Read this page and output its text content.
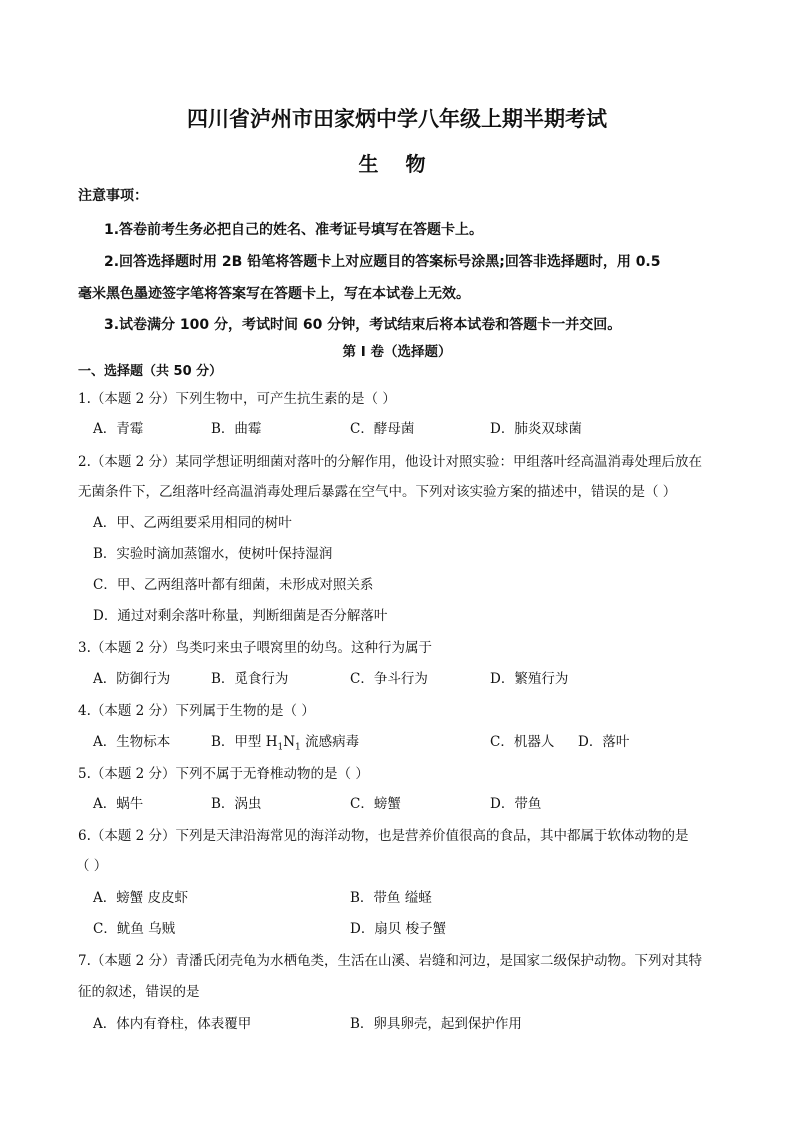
四川省泸州市田家炳中学八年级上期半期考试
生 物
注意事项：
1.答卷前考生务必把自己的姓名、准考证号填写在答题卡上。
2.回答选择题时用 2B 铅笔将答题卡上对应题目的答案标号涂黑;回答非选择题时，用 0.5
毫米黑色墨迹签字笔将答案写在答题卡上，写在本试卷上无效。
3.试卷满分 100 分，考试时间 60 分钟，考试结束后将本试卷和答题卡一并交回。
第 I 卷（选择题）
一、选择题（共 50 分）
1.（本题 2 分）下列生物中，可产生抗生素的是（ ）
A．青霉	B．曲霉	C．酵母菌	D．肺炎双球菌
2.（本题 2 分）某同学想证明细菌对落叶的分解作用，他设计对照实验：甲组落叶经高温消毒处理后放在
无菌条件下，乙组落叶经高温消毒处理后暴露在空气中。下列对该实验方案的描述中，错误的是（ ）
A．甲、乙两组要采用相同的树叶
B．实验时滴加蒸馏水，使树叶保持湿润
C．甲、乙两组落叶都有细菌，未形成对照关系
D．通过对剩余落叶称量，判断细菌是否分解落叶
3.（本题 2 分）鸟类叼来虫子喂窝里的幼鸟。这种行为属于
A．防御行为	B．觅食行为	C．争斗行为	D．繁殖行为
4.（本题 2 分）下列属于生物的是（ ）
A．生物标本	B．甲型 $H_1N_1$ 流感病毒	C．机器人 D．落叶
5.（本题 2 分）下列不属于无脊椎动物的是（ ）
A．蜗牛	B．涡虫	C．螃蟹	D．带鱼
6.（本题 2 分）下列是天津沿海常见的海洋动物，也是营养价值很高的食品，其中都属于软体动物的是
（ ）
A．螃蟹 皮皮虾	B．带鱼 缢蛏
C．鱿鱼 乌贼	D．扇贝 梭子蟹
7.（本题 2 分）青潘氏闭壳龟为水栖龟类，生活在山溪、岩缝和河边，是国家二级保护动物。下列对其特
征的叙述，错误的是
A．体内有脊柱，体表覆甲	B．卵具卵壳，起到保护作用
